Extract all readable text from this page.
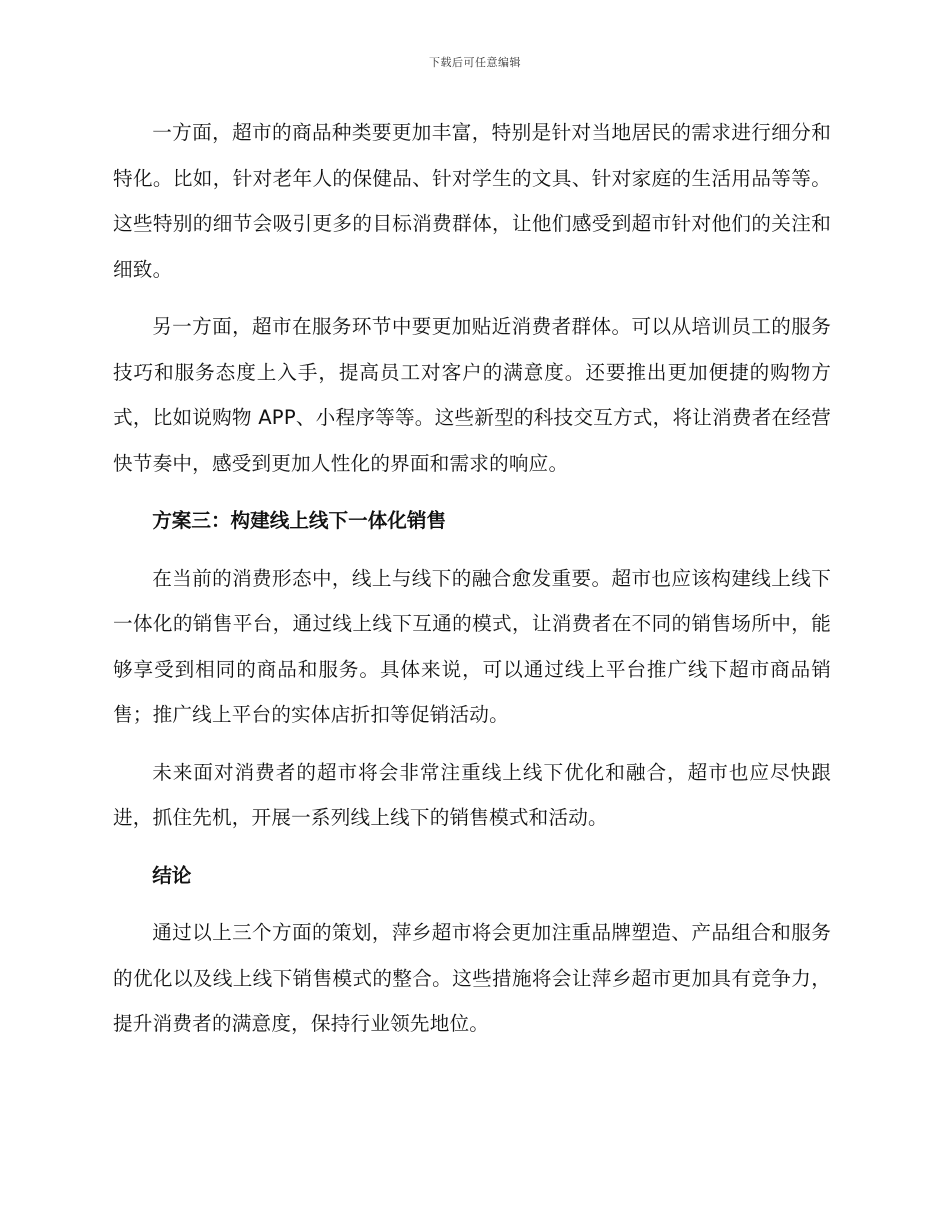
下载后可任意编辑

一方面，超市的商品种类要更加丰富，特别是针对当地居民的需求进行细分和特化。比如，针对老年人的保健品、针对学生的文具、针对家庭的生活用品等等。这些特别的细节会吸引更多的目标消费群体，让他们感受到超市针对他们的关注和细致。

另一方面，超市在服务环节中要更加贴近消费者群体。可以从培训员工的服务技巧和服务态度上入手，提高员工对客户的满意度。还要推出更加便捷的购物方式，比如说购物 APP、小程序等等。这些新型的科技交互方式，将让消费者在经营快节奏中，感受到更加人性化的界面和需求的响应。

方案三：构建线上线下一体化销售

在当前的消费形态中，线上与线下的融合愈发重要。超市也应该构建线上线下一体化的销售平台，通过线上线下互通的模式，让消费者在不同的销售场所中，能够享受到相同的商品和服务。具体来说，可以通过线上平台推广线下超市商品销售；推广线上平台的实体店折扣等促销活动。

未来面对消费者的超市将会非常注重线上线下优化和融合，超市也应尽快跟进，抓住先机，开展一系列线上线下的销售模式和活动。

结论

通过以上三个方面的策划，萍乡超市将会更加注重品牌塑造、产品组合和服务的优化以及线上线下销售模式的整合。这些措施将会让萍乡超市更加具有竞争力，提升消费者的满意度，保持行业领先地位。
